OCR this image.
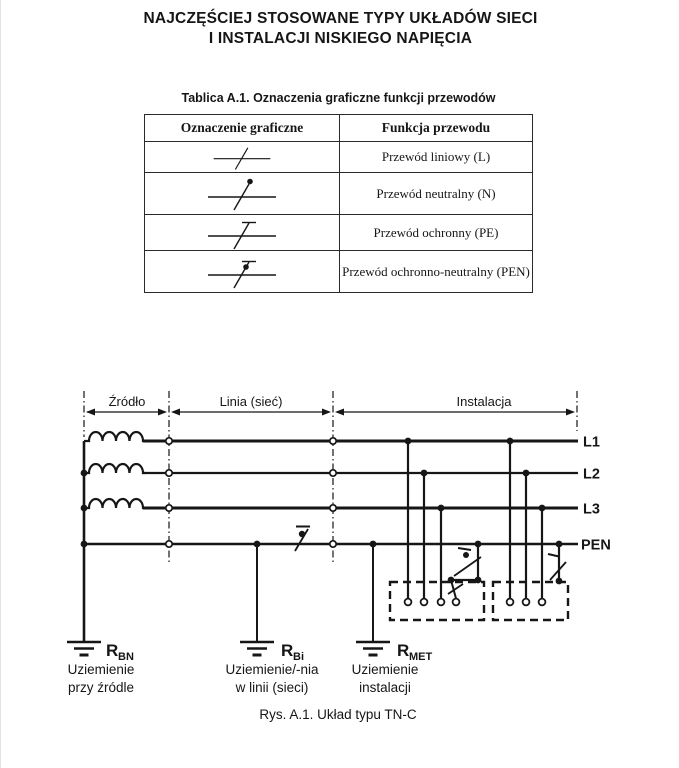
NAJCZĘŚCIEJ STOSOWANE TYPY UKŁADÓW SIECI
I INSTALACJI NISKIEGO NAPIĘCIA
Tablica A.1. Oznaczenia graficzne funkcji przewodów
Oznaczenie graficzne	Funkcja przewodu
Przewód liniowy (L)
Przewód neutralny (N)
Przewód ochronny (PE)
Przewód ochronno-neutralny (PEN)
Źródło	Linia (sieć)	Instalacja
L1
L2
L3
PEN
R BN	R Bi	R MET
Uziemienie
przy źródle
Uziemienie/-nia
w linii (sieci)
Uziemienie
instalacji
Rys. A.1. Układ typu TN-C
